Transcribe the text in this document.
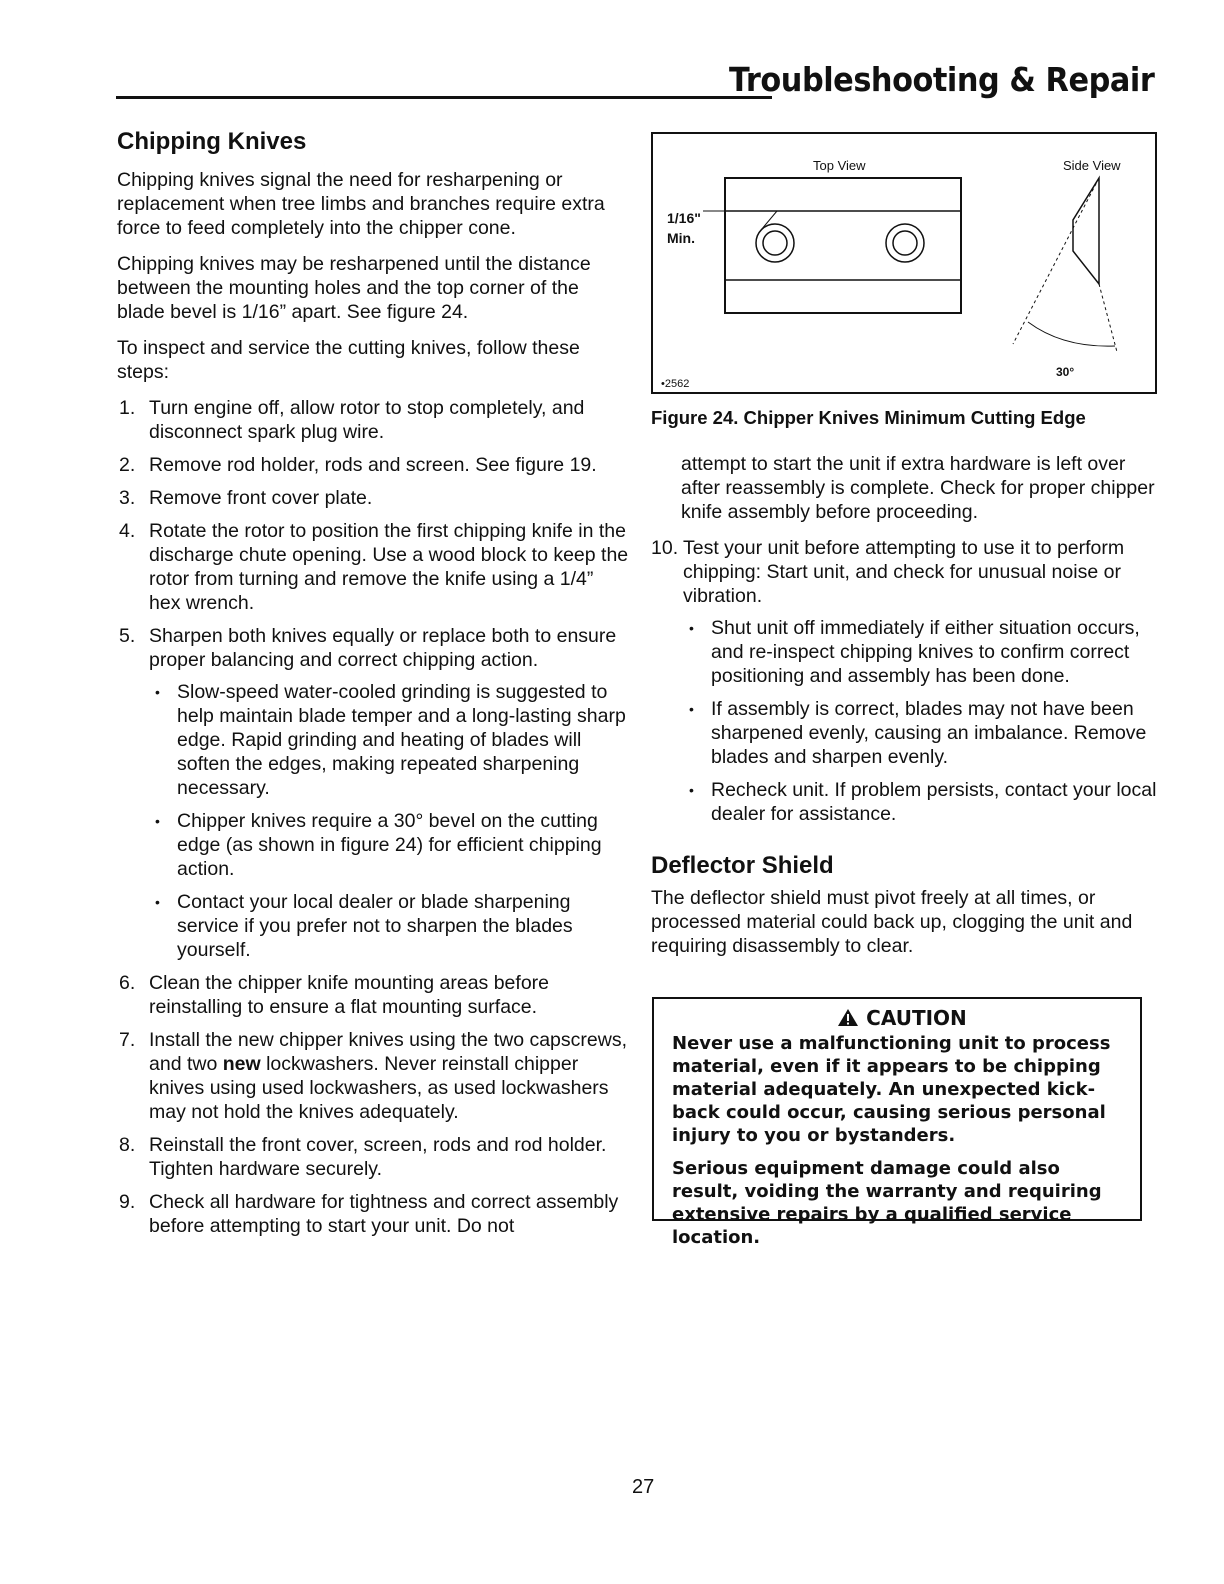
Troubleshooting & Repair
Chipping Knives

Chipping knives signal the need for resharpening or replacement when tree limbs and branches require extra force to feed completely into the chipper cone.

Chipping knives may be resharpened until the distance between the mounting holes and the top corner of the blade bevel is 1/16” apart. See figure 24.

To inspect and service the cutting knives, follow these steps:

1. Turn engine off, allow rotor to stop completely, and disconnect spark plug wire.
2. Remove rod holder, rods and screen. See figure 19.
3. Remove front cover plate.
4. Rotate the rotor to position the first chipping knife in the discharge chute opening. Use a wood block to keep the rotor from turning and remove the knife using a 1/4” hex wrench.
5. Sharpen both knives equally or replace both to ensure proper balancing and correct chipping action.
• Slow-speed water-cooled grinding is suggested to help maintain blade temper and a long-lasting sharp edge. Rapid grinding and heating of blades will soften the edges, making repeated sharpening necessary.
• Chipper knives require a 30° bevel on the cutting edge (as shown in figure 24) for efficient chipping action.
• Contact your local dealer or blade sharpening service if you prefer not to sharpen the blades yourself.
6. Clean the chipper knife mounting areas before reinstalling to ensure a flat mounting surface.
7. Install the new chipper knives using the two capscrews, and two new lockwashers. Never reinstall chipper knives using used lockwashers, as used lockwashers may not hold the knives adequately.
8. Reinstall the front cover, screen, rods and rod holder. Tighten hardware securely.
9. Check all hardware for tightness and correct assembly before attempting to start your unit. Do not
Top View	Side View
1/16"
Min.
30°
•2562

Figure 24. Chipper Knives Minimum Cutting Edge

attempt to start the unit if extra hardware is left over after reassembly is complete. Check for proper chipper knife assembly before proceeding.

10. Test your unit before attempting to use it to perform chipping: Start unit, and check for unusual noise or vibration.
• Shut unit off immediately if either situation occurs, and re-inspect chipping knives to confirm correct positioning and assembly has been done.
• If assembly is correct, blades may not have been sharpened evenly, causing an imbalance. Remove blades and sharpen evenly.
• Recheck unit. If problem persists, contact your local dealer for assistance.
Deflector Shield

The deflector shield must pivot freely at all times, or processed material could back up, clogging the unit and requiring disassembly to clear.

CAUTION

Never use a malfunctioning unit to process material, even if it appears to be chipping material adequately. An unexpected kick-back could occur, causing serious personal injury to you or bystanders.

Serious equipment damage could also result, voiding the warranty and requiring extensive repairs by a qualified service location.

27
